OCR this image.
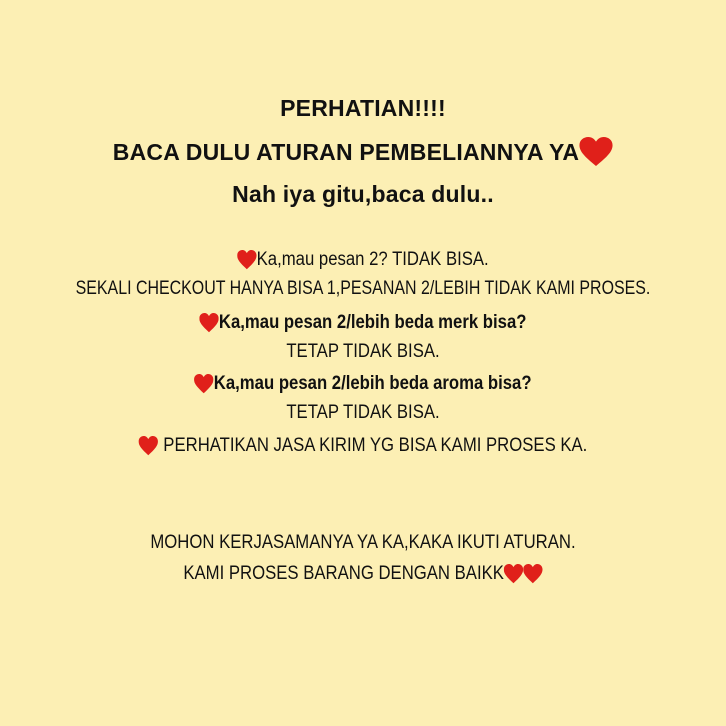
PERHATIAN!!!!
BACA DULU ATURAN PEMBELIANNYA YA
Nah iya gitu,baca dulu..
Ka,mau pesan 2? TIDAK BISA.
SEKALI CHECKOUT HANYA BISA 1,PESANAN 2/LEBIH TIDAK KAMI PROSES.
Ka,mau pesan 2/lebih beda merk bisa?
TETAP TIDAK BISA.
Ka,mau pesan 2/lebih beda aroma bisa?
TETAP TIDAK BISA.
PERHATIKAN JASA KIRIM YG BISA KAMI PROSES KA.
MOHON KERJASAMANYA YA KA,KAKA IKUTI ATURAN.
KAMI PROSES BARANG DENGAN BAIKK
